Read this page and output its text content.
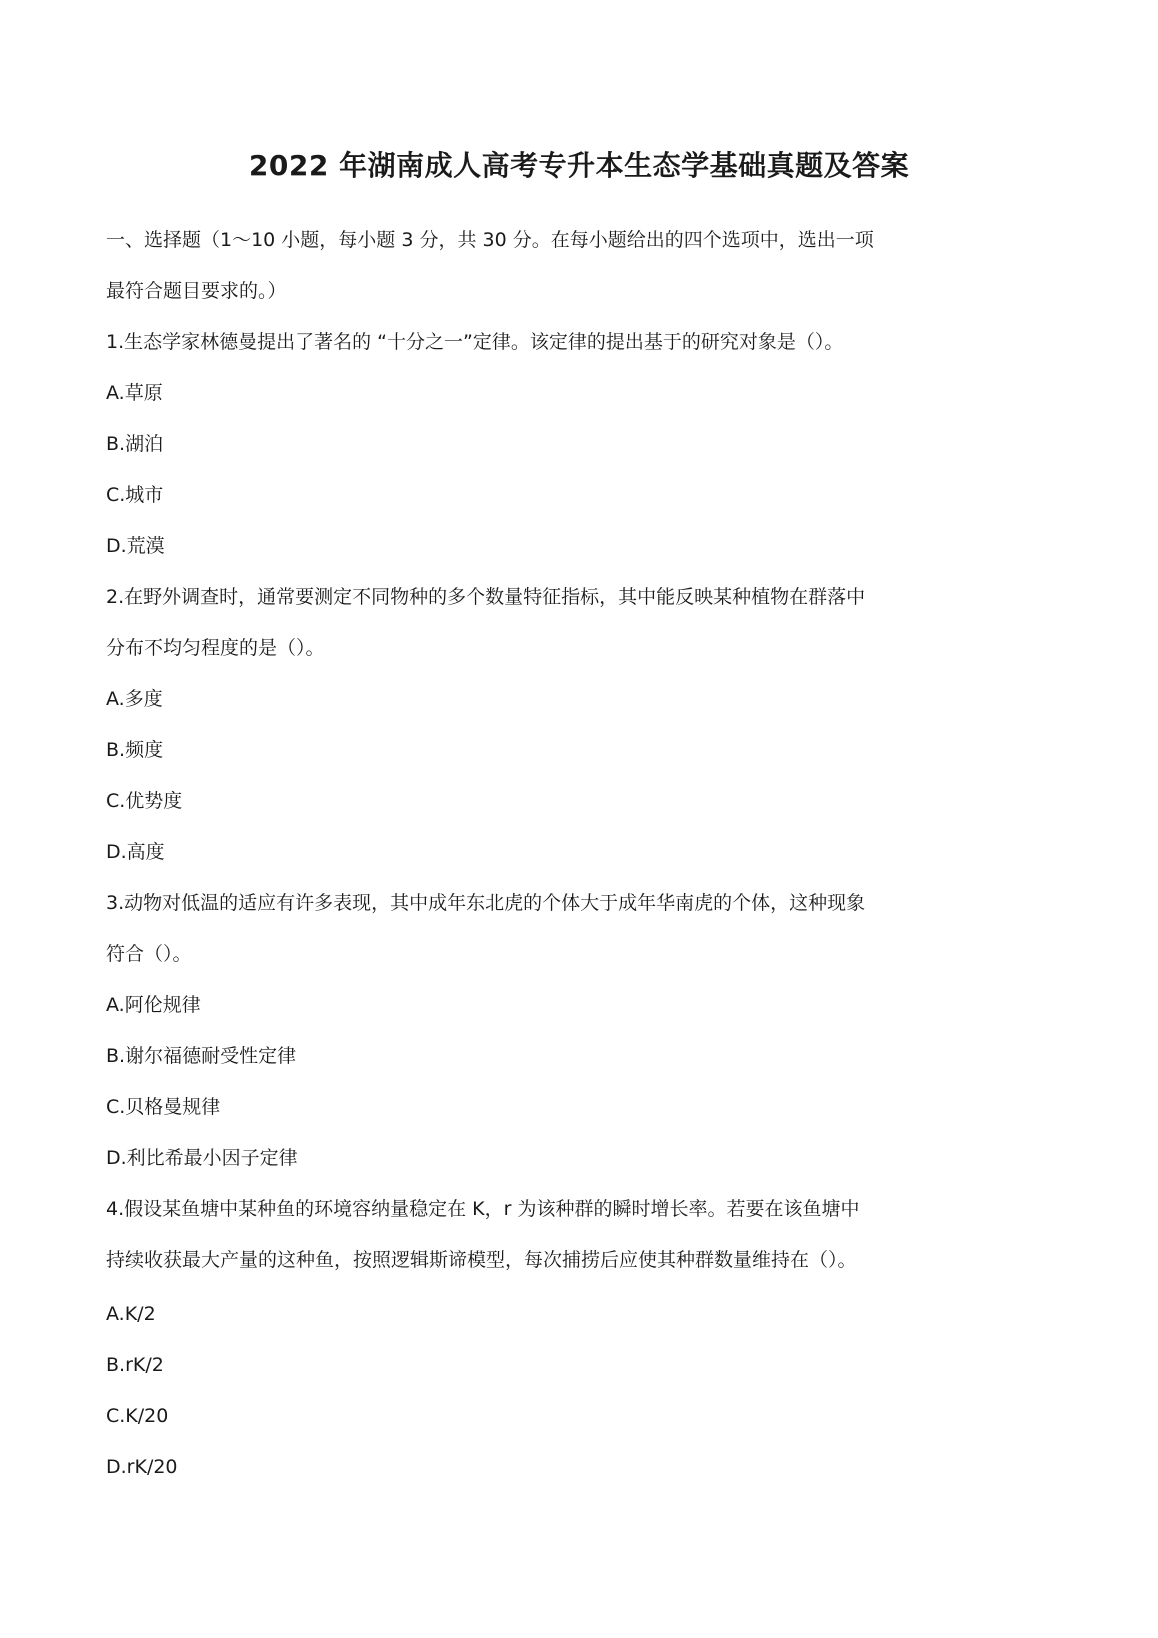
2022 年湖南成人高考专升本生态学基础真题及答案
一、选择题（1〜10 小题，每小题 3 分，共 30 分。在每小题给出的四个选项中，选出一项
最符合题目要求的。）
1.生态学家林德曼提出了著名的 “十分之一”定律。该定律的提出基于的研究对象是（）。
A.草原
B.湖泊
C.城市
D.荒漠
2.在野外调查时，通常要测定不同物种的多个数量特征指标，其中能反映某种植物在群落中
分布不均匀程度的是（）。
A.多度
B.频度
C.优势度
D.高度
3.动物对低温的适应有许多表现，其中成年东北虎的个体大于成年华南虎的个体，这种现象
符合（）。
A.阿伦规律
B.谢尔福德耐受性定律
C.贝格曼规律
D.利比希最小因子定律
4.假设某鱼塘中某种鱼的环境容纳量稳定在 K，r 为该种群的瞬时增长率。若要在该鱼塘中
持续收获最大产量的这种鱼，按照逻辑斯谛模型，每次捕捞后应使其种群数量维持在（）。
A.K/2
B.rK/2
C.K/20
D.rK/20
